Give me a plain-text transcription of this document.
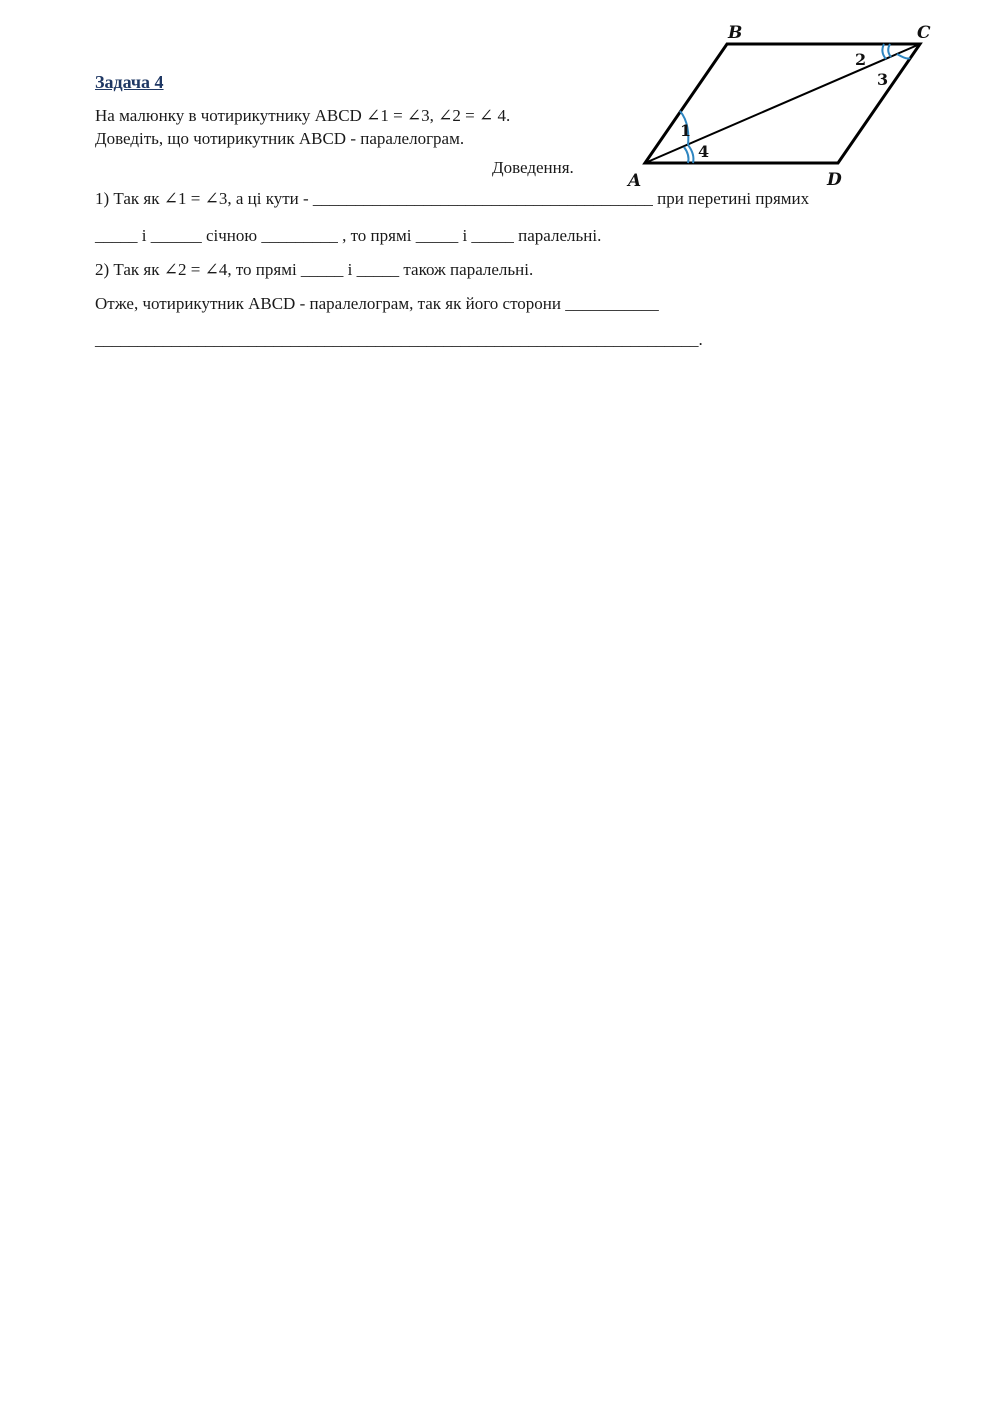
Задача 4
На малюнку в чотирикутнику ABCD ∠1 = ∠3, ∠2 = ∠ 4.
Доведіть, що чотирикутник ABCD - паралелограм.
Доведення.
1) Так як ∠1 = ∠3, а ці кути - ________________________________________ при перетині прямих
_____ і ______ січною _________ , то прямі _____ і _____ паралельні.
2) Так як ∠2 = ∠4, то прямі _____ і _____ також паралельні.
Отже, чотирикутник ABCD - паралелограм, так як його сторони ___________
_______________________________________________________________________.
B	C
A	D
1
4
2
3
